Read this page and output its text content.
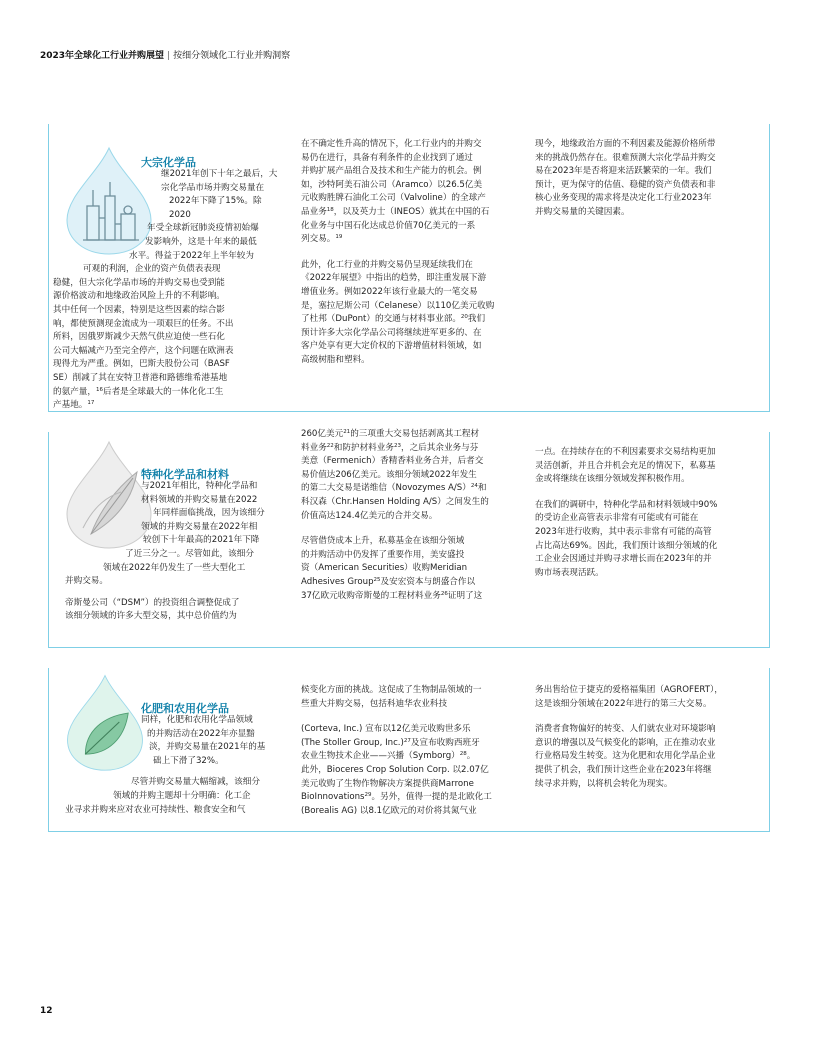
2023年全球化工行业并购展望 | 按细分领域化工行业并购洞察
大宗化学品
继2021年创下十年之最后，大
宗化学品市场并购交易量在
2022年下降了15%。除2020
年受全球新冠肺炎疫情初始爆
发影响外，这是十年来的最低
水平。得益于2022年上半年较为
可观的利润，企业的资产负债表表现
稳健，但大宗化学品市场的并购交易也受到能
源价格波动和地缘政治风险上升的不利影响。
其中任何一个因素，特别是这些因素的综合影
响，都使预测现金流成为一项艰巨的任务。不出
所料，因俄罗斯减少天然气供应迫使一些石化
公司大幅减产乃至完全停产，这个问题在欧洲表
现得尤为严重。例如，巴斯夫股份公司（BASF
SE）削减了其在安特卫普港和路德维希港基地
的氨产量，$^{16}$后者是全球最大的一体化化工生
产基地。$^{17}$

在不确定性升高的情况下，化工行业内的并购交
易仍在进行，具备有利条件的企业找到了通过
并购扩展产品组合及技术和生产能力的机会。例
如，沙特阿美石油公司（Aramco）以26.5亿美
元收购胜牌石油化工公司（Valvoline）的全球产
品业务$^{18}$，以及英力士（INEOS）就其在中国的石
化业务与中国石化达成总价值70亿美元的一系
列交易。$^{19}$

此外，化工行业的并购交易仍呈现延续我们在
《2022年展望》中指出的趋势，即注重发展下游
增值业务。例如2022年该行业最大的一笔交易
是，塞拉尼斯公司（Celanese）以110亿美元收购
了杜邦（DuPont）的交通与材料事业部。$^{20}$我们
预计许多大宗化学品公司将继续进军更多的、在
客户处享有更大定价权的下游增值材料领域，如
高级树脂和塑料。

现今，地缘政治方面的不利因素及能源价格所带
来的挑战仍然存在。很难预测大宗化学品并购交
易在2023年是否将迎来活跃繁荣的一年。我们
预计，更为保守的估值、稳健的资产负债表和非
核心业务变现的需求将是决定化工行业2023年
并购交易量的关键因素。
特种化学品和材料
与2021年相比，特种化学品和
材料领域的并购交易量在2022
年同样面临挑战，因为该细分
领域的并购交易量在2022年相
较创下十年最高的2021年下降
了近三分之一。尽管如此，该细分
领域在2022年仍发生了一些大型化工
并购交易。
帝斯曼公司（“DSM”）的投资组合调整促成了
该细分领域的许多大型交易，其中总价值约为

260亿美元$^{21}$的三项重大交易包括剥离其工程材
料业务$^{22}$和防护材料业务$^{23}$，之后其余业务与芬
美意（Fermenich）香精香料业务合并，后者交
易价值达206亿美元。该细分领域2022年发生
的第二大交易是诺维信（Novozymes A/S）$^{24}$和
科汉森（Chr.Hansen Holding A/S）之间发生的
价值高达124.4亿美元的合并交易。

尽管借贷成本上升，私募基金在该细分领域
的并购活动中仍发挥了重要作用，美安盛投
资（American Securities）收购Meridian
Adhesives Group$^{25}$及安宏资本与朗盛合作以
37亿欧元收购帝斯曼的工程材料业务$^{26}$证明了这

一点。在持续存在的不利因素要求交易结构更加
灵活创新，并且合并机会充足的情况下，私募基
金或将继续在该细分领域发挥积极作用。

在我们的调研中，特种化学品和材料领域中90%
的受访企业高管表示非常有可能或有可能在
2023年进行收购，其中表示非常有可能的高管
占比高达69%。因此，我们预计该细分领域的化
工企业会因通过并购寻求增长而在2023年的并
购市场表现活跃。

化肥和农用化学品
同样，化肥和农用化学品领域
的并购活动在2022年亦显黯
淡，并购交易量在2021年的基
础上下滑了32%。
尽管并购交易量大幅缩减，该细分
领域的并购主题却十分明确：化工企
业寻求并购来应对农业可持续性、粮食安全和气

候变化方面的挑战。这促成了生物制品领域的一
些重大并购交易，包括科迪华农业科技

(Corteva, Inc.) 宣布以12亿美元收购世多乐
(The Stoller Group, Inc.)$^{27}$及宣布收购西班牙
农业生物技术企业——兴播（Symborg）$^{28}$。
此外，Bioceres Crop Solution Corp. 以2.07亿
美元收购了生物作物解决方案提供商Marrone
BioInnovations$^{29}$。另外，值得一提的是北欧化工
(Borealis AG) 以8.1亿欧元的对价将其氮气业

务出售给位于捷克的爱格福集团（AGROFERT），
这是该细分领域在2022年进行的第三大交易。

消费者食物偏好的转变、人们就农业对环境影响
意识的增强以及气候变化的影响，正在推动农业
行业格局发生转变。这为化肥和农用化学品企业
提供了机会，我们预计这些企业在2023年将继
续寻求并购，以将机会转化为现实。

12
